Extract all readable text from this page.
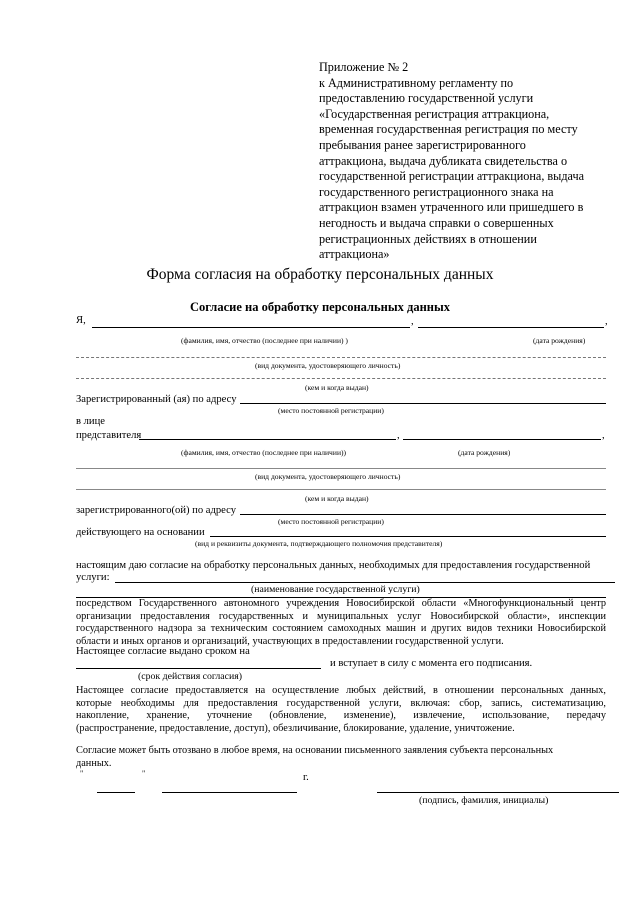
Приложение № 2
к Административному регламенту по
предоставлению государственной услуги
«Государственная регистрация аттракциона,
временная государственная регистрация по месту
пребывания ранее зарегистрированного
аттракциона, выдача дубликата свидетельства о
государственной регистрации аттракциона, выдача
государственного регистрационного знака на
аттракцион взамен утраченного или пришедшего в
негодность и выдача справки о совершенных
регистрационных действиях в отношении
аттракциона»
Форма согласия на обработку персональных данных
Согласие на обработку персональных данных
Я,	,	,
(фамилия, имя, отчество (последнее при наличии) )	(дата рождения)
(вид документа, удостоверяющего личность)
(кем и когда выдан)
Зарегистрированный (ая) по адресу
(место постоянной регистрации)
в лице
представителя	,	,
(фамилия, имя, отчество (последнее при наличии))	(дата рождения)
(вид документа, удостоверяющего личность)
(кем и когда выдан)
зарегистрированного(ой) по адресу
(место постоянной регистрации)
действующего на основании
(вид и реквизиты документа, подтверждающего полномочия представителя)
настоящим даю согласие на обработку персональных данных, необходимых для предоставления государственной
услуги:
(наименование государственной услуги)
посредством Государственного автономного учреждения Новосибирской области «Многофункциональный центр
организации предоставления государственных и муниципальных услуг Новосибирской области», инспекции
государственного надзора за техническим состоянием самоходных машин и других видов техники Новосибирской
области и иных органов и организаций, участвующих в предоставлении государственной услуги.
Настоящее согласие выдано сроком на
и вступает в силу с момента его подписания.
(срок действия согласия)
Настоящее согласие предоставляется на осуществление любых действий, в отношении персональных данных,
которые необходимы для предоставления государственной услуги, включая: сбор, запись, систематизацию,
накопление, хранение, уточнение (обновление, изменение), извлечение, использование, передачу
(распространение, предоставление, доступ), обезличивание, блокирование, удаление, уничтожение.
Согласие может быть отозвано в любое время, на основании письменного заявления субъекта персональных
данных.
"	"	г.
(подпись, фамилия, инициалы)
